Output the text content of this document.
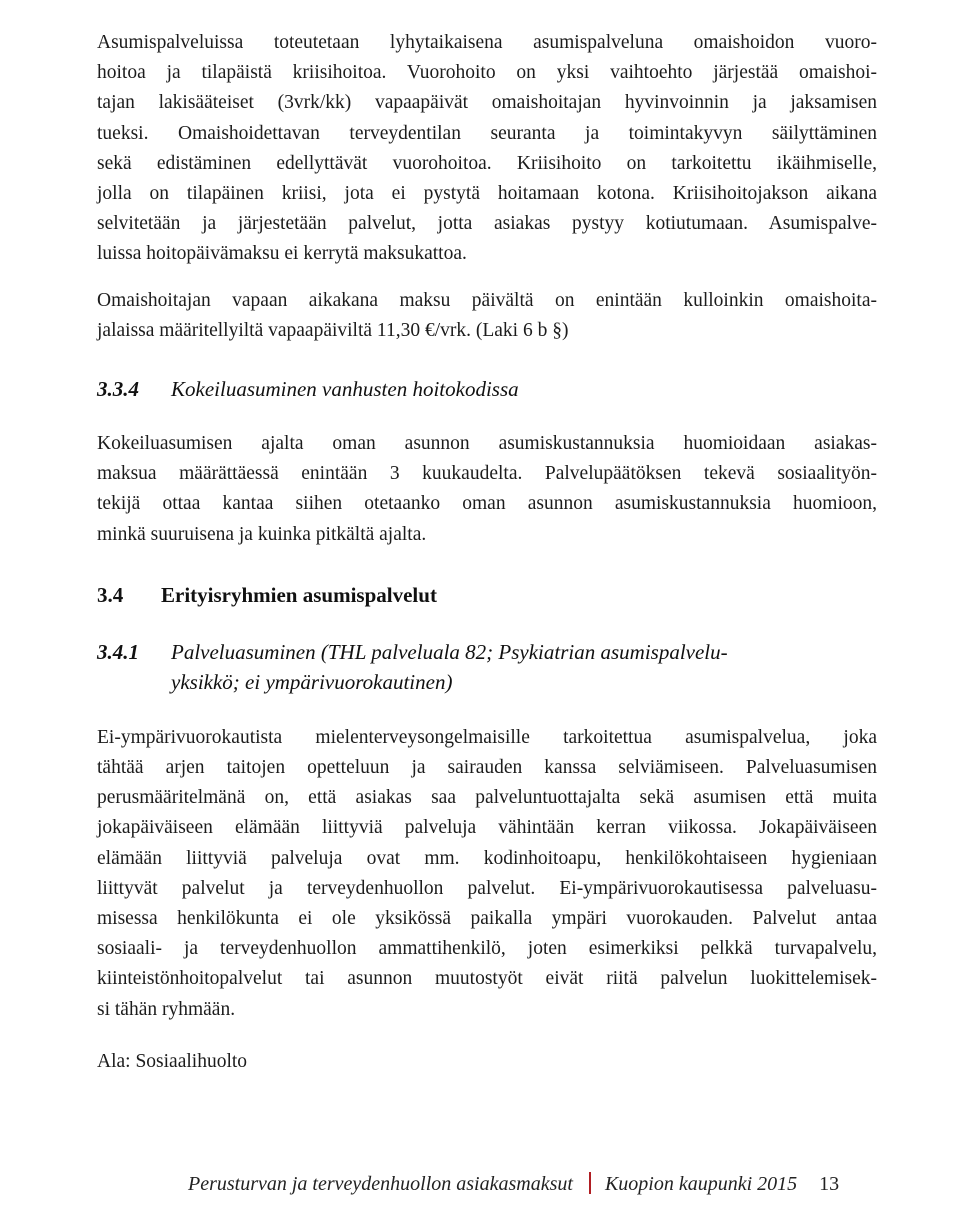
Asumispalveluissa toteutetaan lyhytaikaisena asumispalveluna omaishoidon vuoro-
hoitoa ja tilapäistä kriisihoitoa. Vuorohoito on yksi vaihtoehto järjestää omaishoi-
tajan lakisääteiset (3vrk/kk) vapaapäivät omaishoitajan hyvinvoinnin ja jaksamisen
tueksi. Omaishoidettavan terveydentilan seuranta ja toimintakyvyn säilyttäminen
sekä edistäminen edellyttävät vuorohoitoa. Kriisihoito on tarkoitettu ikäihmiselle,
jolla on tilapäinen kriisi, jota ei pystytä hoitamaan kotona. Kriisihoitojakson aikana
selvitetään ja järjestetään palvelut, jotta asiakas pystyy kotiutumaan. Asumispalve-
luissa hoitopäivämaksu ei kerrytä maksukattoa.

Omaishoitajan vapaan aikakana maksu päivältä on enintään kulloinkin omaishoita-
jalaissa määritellyiltä vapaapäiviltä 11,30 €/vrk. (Laki 6 b §)

3.3.4 Kokeiluasuminen vanhusten hoitokodissa

Kokeiluasumisen ajalta oman asunnon asumiskustannuksia huomioidaan asiakas-
maksua määrättäessä enintään 3 kuukaudelta. Palvelupäätöksen tekevä sosiaalityön-
tekijä ottaa kantaa siihen otetaanko oman asunnon asumiskustannuksia huomioon,
minkä suuruisena ja kuinka pitkältä ajalta.

3.4 Erityisryhmien asumispalvelut
3.4.1 Palveluasuminen (THL palveluala 82; Psykiatrian asumispalvelu-
yksikkö; ei ympärivuorokautinen)

Ei-ympärivuorokautista mielenterveysongelmaisille tarkoitettua asumispalvelua, joka
tähtää arjen taitojen opetteluun ja sairauden kanssa selviämiseen. Palveluasumisen
perusmääritelmänä on, että asiakas saa palveluntuottajalta sekä asumisen että muita
jokapäiväiseen elämään liittyviä palveluja vähintään kerran viikossa. Jokapäiväiseen
elämään liittyviä palveluja ovat mm. kodinhoitoapu, henkilökohtaiseen hygieniaan
liittyvät palvelut ja terveydenhuollon palvelut. Ei-ympärivuorokautisessa palveluasu-
misessa henkilökunta ei ole yksikössä paikalla ympäri vuorokauden. Palvelut antaa
sosiaali- ja terveydenhuollon ammattihenkilö, joten esimerkiksi pelkkä turvapalvelu,
kiinteistönhoitopalvelut tai asunnon muutostyöt eivät riitä palvelun luokittelemisek-
si tähän ryhmään.

Ala: Sosiaalihuolto

Perusturvan ja terveydenhuollon asiakasmaksut Kuopion kaupunki 2015 13
